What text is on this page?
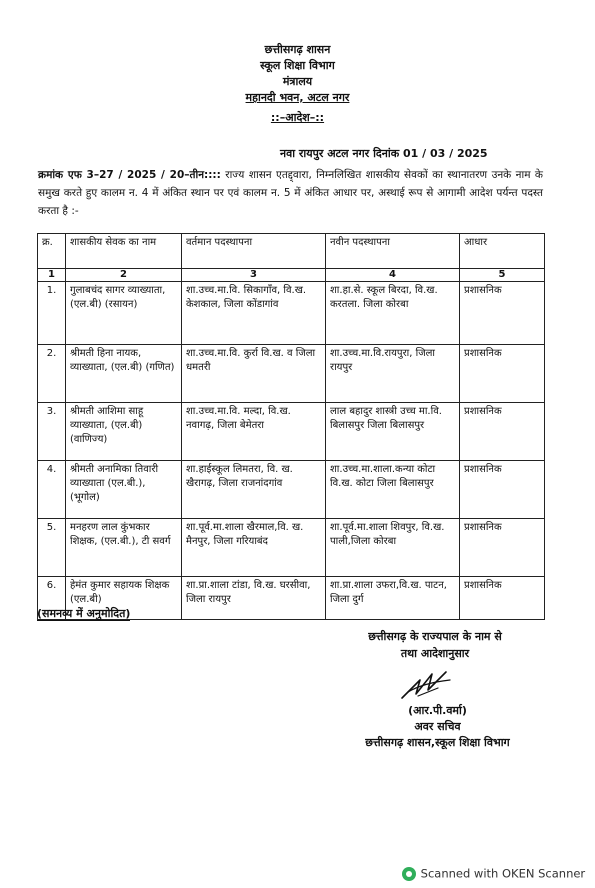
छत्तीसगढ़ शासन
स्कूल शिक्षा विभाग
मंत्रालय
महानदी भवन, अटल नगर
::–आदेश–::
नवा रायपुर अटल नगर दिनांक 01 / 03 / 2025
क्रमांक एफ 3–27 / 2025 / 20–तीन:::: राज्य शासन एतद्द्वारा, निम्नलिखित शासकीय सेवकों का स्थानातरण उनके नाम के समुख करते हुए कालम न. 4 में अंकित स्थान पर एवं कालम न. 5 में अंकित आधार पर, अस्थाई रूप से आगामी आदेश पर्यन्त पदस्त करता है :-
क्र.	शासकीय सेवक का नाम	वर्तमान पदस्थापना	नवीन पदस्थापना	आधार
1	2	3	4	5
1.	गुलाबचंद सागर व्याख्याता, (एल.बी) (रसायन)	शा.उच्च.मा.वि. सिकागाँव, वि.ख. केशकाल, जिला कोंडागांव	शा.हा.से. स्कूल बिरदा, वि.ख. करतला. जिला कोरबा	प्रशासनिक
2.	श्रीमती हिना नायक, व्याख्याता, (एल.बी) (गणित)	शा.उच्च.मा.वि. कुर्रा वि.ख. व जिला धमतरी	शा.उच्च.मा.वि.रायपुरा, जिला रायपुर	प्रशासनिक
3.	श्रीमती आशिमा साहू व्याख्याता, (एल.बी) (वाणिज्य)	शा.उच्च.मा.वि. मल्दा, वि.ख. नवागढ़, जिला बेमेतरा	लाल बहादुर शास्त्री उच्च मा.वि. बिलासपुर जिला बिलासपुर	प्रशासनिक
4.	श्रीमती अनामिका तिवारी व्याख्याता (एल.बी.), (भूगोल)	शा.हाईस्कूल लिमतरा, वि. ख. खैरागढ़, जिला राजनांदगांव	शा.उच्च.मा.शाला.कन्या कोटा वि.ख. कोटा जिला बिलासपुर	प्रशासनिक
5.	मनहरण लाल कुंभकार शिक्षक, (एल.बी.), टी सवर्ग	शा.पूर्व.मा.शाला खैरमाल,वि. ख. मैनपुर, जिला गरियाबंद	शा.पूर्व.मा.शाला शिवपुर, वि.ख. पाली,जिला कोरबा	प्रशासनिक
6.	हेमंत कुमार सहायक शिक्षक (एल.बी)	शा.प्रा.शाला टांडा, वि.ख. घरसीवा, जिला रायपुर	शा.प्रा.शाला उफरा,वि.ख. पाटन, जिला दुर्ग	प्रशासनिक
(समनव्य में अनुमोदित)
छत्तीसगढ़ के राज्यपाल के नाम से
तथा आदेशानुसार
(आर.पी.वर्मा)
अवर सचिव
छत्तीसगढ़ शासन,स्कूल शिक्षा विभाग
Scanned with OKEN Scanner
